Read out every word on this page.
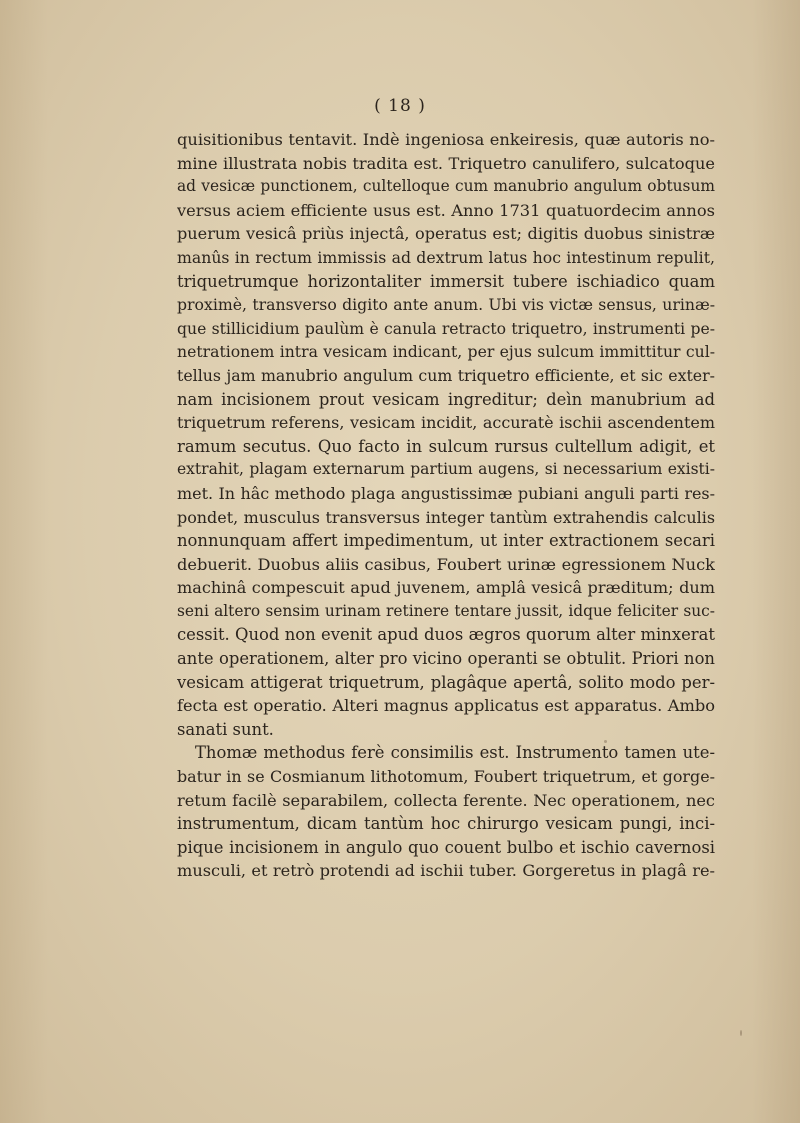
( 18 )
quisitionibus tentavit. Indè ingeniosa enkeiresis, quæ autoris no-
mine illustrata nobis tradita est. Triquetro canulifero, sulcatoque
ad vesicæ punctionem, cultelloque cum manubrio angulum obtusum
versus aciem efficiente usus est. Anno 1731 quatuordecim annos
puerum vesicâ priùs injectâ, operatus est; digitis duobus sinistræ
manûs in rectum immissis ad dextrum latus hoc intestinum repulit,
triquetrumque horizontaliter immersit tubere ischiadico quam
proximè, transverso digito ante anum. Ubi vis victæ sensus, urinæ-
que stillicidium paulùm è canula retracto triquetro, instrumenti pe-
netrationem intra vesicam indicant, per ejus sulcum immittitur cul-
tellus jam manubrio angulum cum triquetro efficiente, et sic exter-
nam incisionem prout vesicam ingreditur; deìn manubrium ad
triquetrum referens, vesicam incidit, accuratè ischii ascendentem
ramum secutus. Quo facto in sulcum rursus cultellum adigit, et
extrahit, plagam externarum partium augens, si necessarium existi-
met. In hâc methodo plaga angustissimæ pubiani anguli parti res-
pondet, musculus transversus integer tantùm extrahendis calculis
nonnunquam affert impedimentum, ut inter extractionem secari
debuerit. Duobus aliis casibus, Foubert urinæ egressionem Nuck
machinâ compescuit apud juvenem, amplâ vesicâ præditum; dum
seni altero sensim urinam retinere tentare jussit, idque feliciter suc-
cessit. Quod non evenit apud duos ægros quorum alter minxerat
ante operationem, alter pro vicino operanti se obtulit. Priori non
vesicam attigerat triquetrum, plagâque apertâ, solito modo per-
fecta est operatio. Alteri magnus applicatus est apparatus. Ambo
sanati sunt.
Thomæ methodus ferè consimilis est. Instrumento tamen ute-
batur in se Cosmianum lithotomum, Foubert triquetrum, et gorge-
retum facilè separabilem, collecta ferente. Nec operationem, nec
instrumentum, dicam tantùm hoc chirurgo vesicam pungi, inci-
pique incisionem in angulo quo couent bulbo et ischio cavernosi
musculi, et retrò protendi ad ischii tuber. Gorgeretus in plagâ re-
